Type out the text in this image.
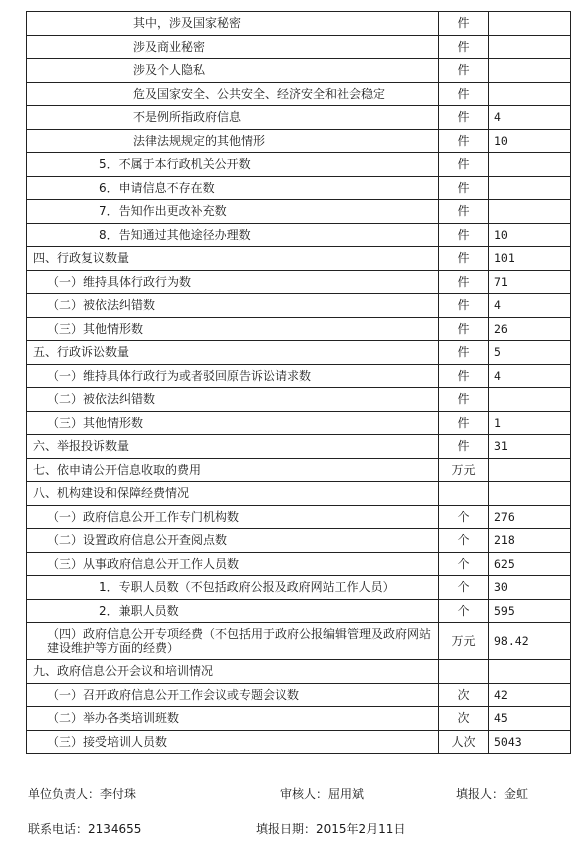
其中，涉及国家秘密	件	
涉及商业秘密	件	
涉及个人隐私	件	
危及国家安全、公共安全、经济安全和社会稳定	件	
不是例所指政府信息	件	4
法律法规规定的其他情形	件	10
5．不属于本行政机关公开数	件	
6．申请信息不存在数	件	
7．告知作出更改补充数	件	
8．告知通过其他途径办理数	件	10
四、行政复议数量	件	101
（一）维持具体行政行为数	件	71
（二）被依法纠错数	件	4
（三）其他情形数	件	26
五、行政诉讼数量	件	5
（一）维持具体行政行为或者驳回原告诉讼请求数	件	4
（二）被依法纠错数	件	
（三）其他情形数	件	1
六、举报投诉数量	件	31
七、依申请公开信息收取的费用	万元	
八、机构建设和保障经费情况		
（一）政府信息公开工作专门机构数	个	276
（二）设置政府信息公开查阅点数	个	218
（三）从事政府信息公开工作人员数	个	625
1．专职人员数（不包括政府公报及政府网站工作人员）	个	30
2．兼职人员数	个	595
（四）政府信息公开专项经费（不包括用于政府公报编辑管理及政府网站建设维护等方面的经费）	万元	98.42
九、政府信息公开会议和培训情况		
（一）召开政府信息公开工作会议或专题会议数	次	42
（二）举办各类培训班数	次	45
（三）接受培训人员数	人次	5043
单位负责人：李付珠	审核人：屈用斌	填报人：金虹
联系电话：2134655	填报日期：2015年2月11日
